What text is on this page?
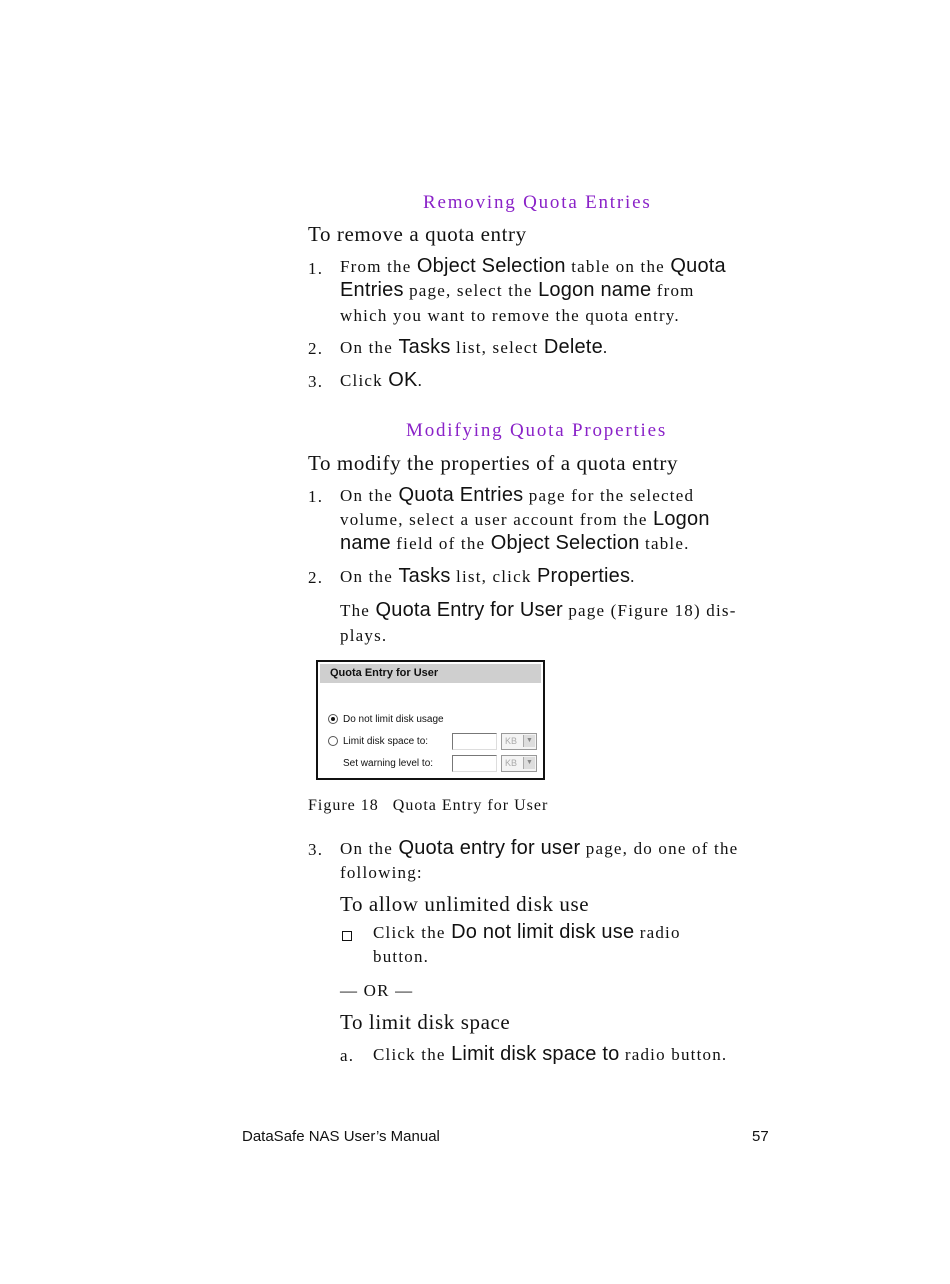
Removing Quota Entries
To remove a quota entry
1. From the Object Selection table on the Quota
Entries page, select the Logon name from
which you want to remove the quota entry.
2. On the Tasks list, select Delete.
3. Click OK.
Modifying Quota Properties
To modify the properties of a quota entry
1. On the Quota Entries page for the selected
volume, select a user account from the Logon
name field of the Object Selection table.
2. On the Tasks list, click Properties.
The Quota Entry for User page (Figure 18) dis-
plays.
Quota Entry for User
Do not limit disk usage
Limit disk space to:	KB	▼
Set warning level to:	KB	▼
Figure 18 Quota Entry for User
3. On the Quota entry for user page, do one of the
following:
To allow unlimited disk use
Click the Do not limit disk use radio
button.
— OR —
To limit disk space
a. Click the Limit disk space to radio button.
DataSafe NAS User’s Manual	57
